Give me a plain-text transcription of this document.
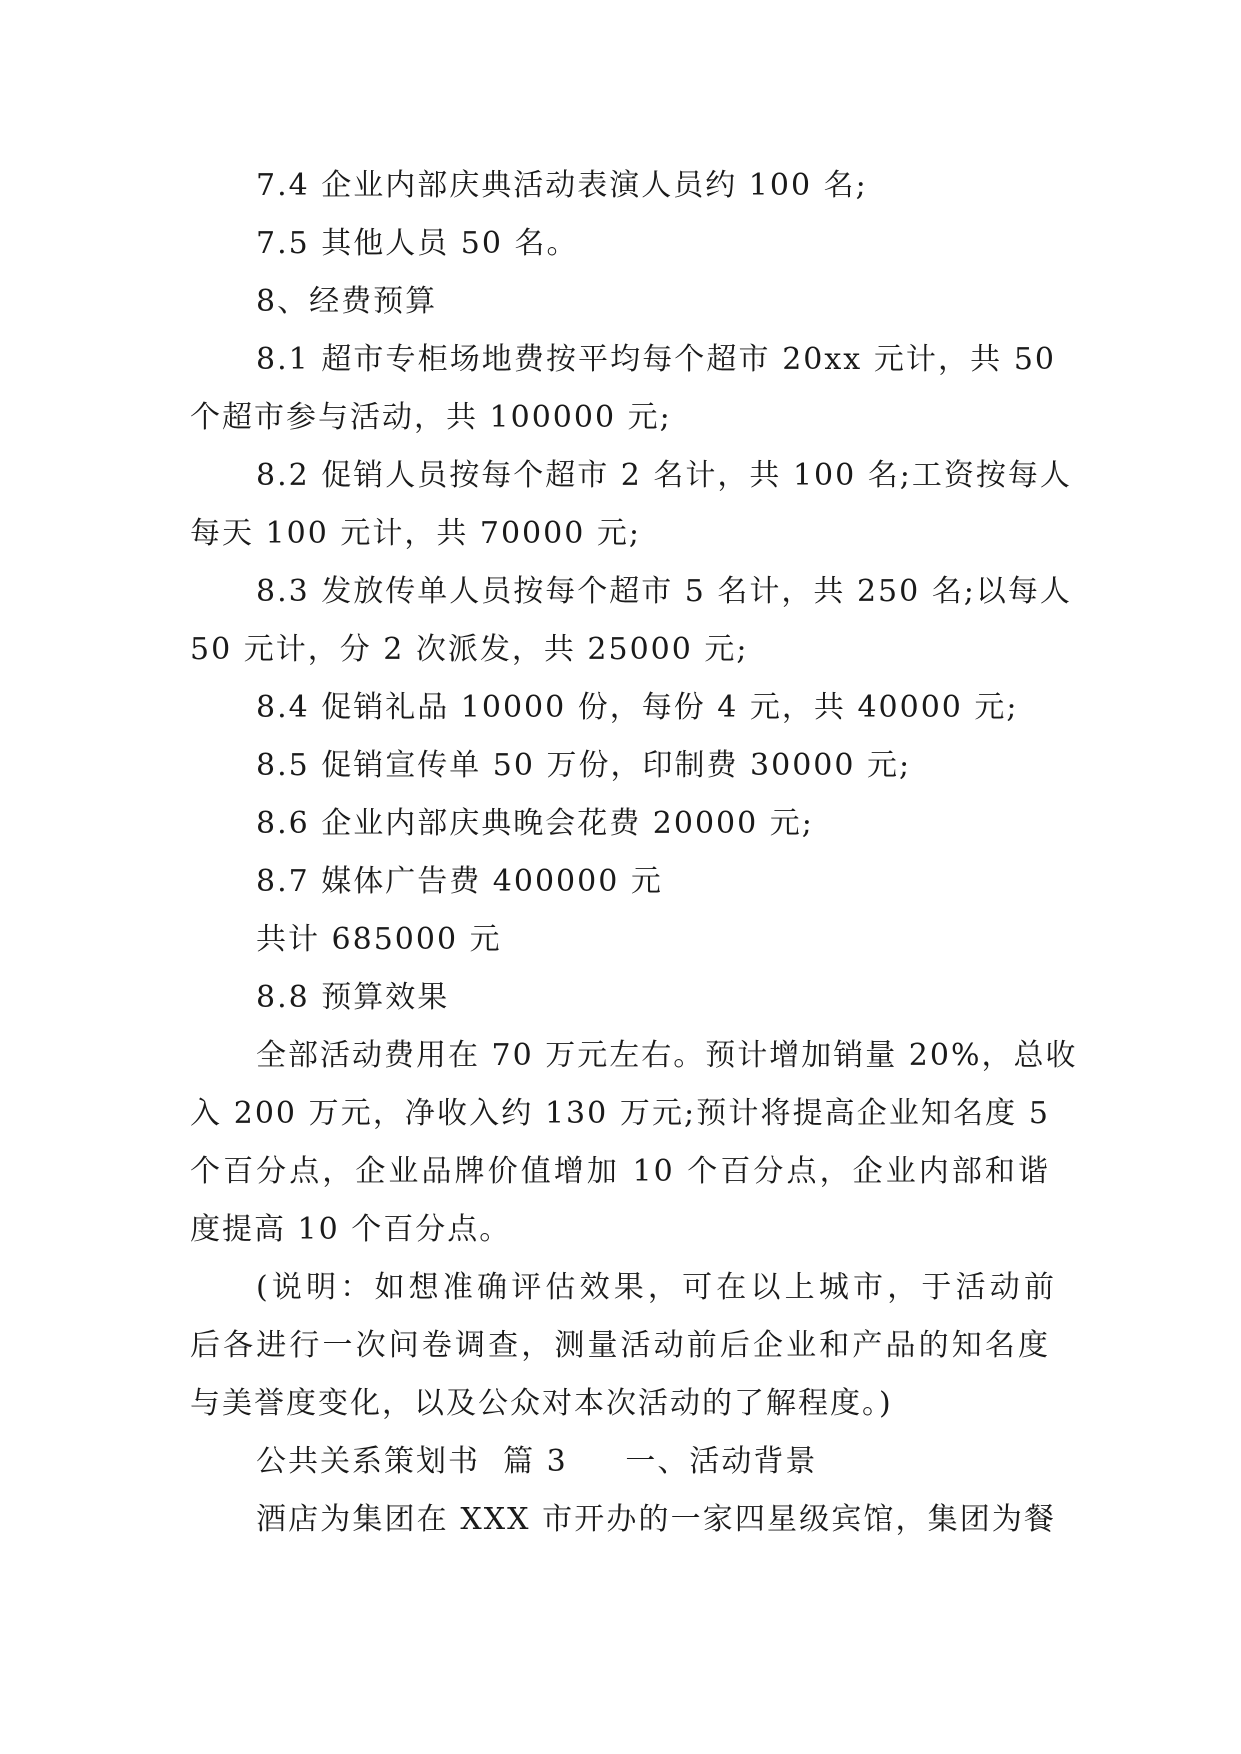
7.4 企业内部庆典活动表演人员约 100 名;
7.5 其他人员 50 名。
8、经费预算
8.1 超市专柜场地费按平均每个超市 20xx 元计，共 50
个超市参与活动，共 100000 元;
8.2 促销人员按每个超市 2 名计，共 100 名;工资按每人
每天 100 元计，共 70000 元;
8.3 发放传单人员按每个超市 5 名计，共 250 名;以每人
50 元计，分 2 次派发，共 25000 元;
8.4 促销礼品 10000 份，每份 4 元，共 40000 元;
8.5 促销宣传单 50 万份，印制费 30000 元;
8.6 企业内部庆典晚会花费 20000 元;
8.7 媒体广告费 400000 元
共计 685000 元
8.8 预算效果
全部活动费用在 70 万元左右。预计增加销量 20%，总收
入 200 万元，净收入约 130 万元;预计将提高企业知名度 5
个百分点，企业品牌价值增加 10 个百分点，企业内部和谐
度提高 10 个百分点。
(说明：如想准确评估效果，可在以上城市，于活动前
后各进行一次问卷调查，测量活动前后企业和产品的知名度
与美誉度变化，以及公众对本次活动的了解程度。)
公共关系策划书  篇 3     一、活动背景
酒店为集团在 XXX 市开办的一家四星级宾馆，集团为餐
